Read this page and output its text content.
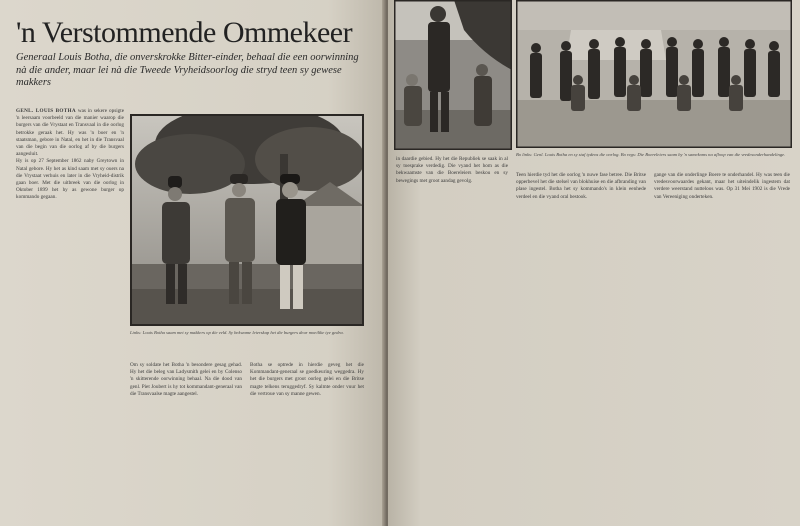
'n Verstommende Ommekeer
Generaal Louis Botha, die onverskrokke Bitter-einder, behaal die een oorwinning nà die ander, maar lei nà die Tweede Vryheidsoorlog die stryd teen sy gewese makkers
GENL. LOUIS BOTHA was in sekere opsigte 'n leersaam voorbeeld van die manier waarop die burgers van die Vrystaat en Transvaal in die oorlog betrokke geraak het. Hy was 'n boer en 'n staatsman, gebore in Natal, en het in die Transvaal van die begin van die oorlog af by die burgers aangesluit.
Hy is op 27 September 1862 naby Greytown in Natal gebore. Hy het as kind saam met sy ouers na die Vrystaat verhuis en later in die Vryheid-distrik gaan boer. Met die uitbreek van die oorlog in Oktober 1899 het hy as gewone burger op kommando gegaan.
Links: Louis Botha saam met sy makkers op die veld. Sy bekwame leierskap het die burgers deur moeilike tye gedra.
Om sy soldate het Botha 'n besondere gesag gehad. Hy het die beleg van Ladysmith gelei en by Colenso 'n skitterende oorwinning behaal. Na die dood van genl. Piet Joubert is hy tot kommandant-generaal van die Transvaalse magte aangestel.
Botha se optrede in hierdie geveg het die Kommandant-generaal se goedkeuring weggedra. Hy het die burgers met groot oorleg gelei en die Britse magte telkens teruggedryf. Sy kalmte onder vuur het die vertroue van sy manne gewen.
Bo links: Genl. Louis Botha en sy staf tydens die oorlog. Bo regs: Die Boereleiers saam by 'n samekoms na afloop van die vredesonderhandelinge.
in daardie gebied. Hy het die Republiek se saak in al sy toesprake verdedig. Die vyand het hom as die bekwaamste van die Boereleiers beskou en sy bewegings met groot aandag gevolg.
Teen hierdie tyd het die oorlog 'n nuwe fase betree. Die Britse opperbevel het die stelsel van blokhuise en die afbranding van plase ingestel. Botha het sy kommando's in klein eenhede verdeel en die vyand oral bestook.
gange van die onderlinge Boere te onderhandel. Hy was teen die vredesvoorwaardes gekant, maar het uiteindelik ingestem dat verdere weerstand nutteloos was. Op 31 Mei 1902 is die Vrede van Vereeniging onderteken.
